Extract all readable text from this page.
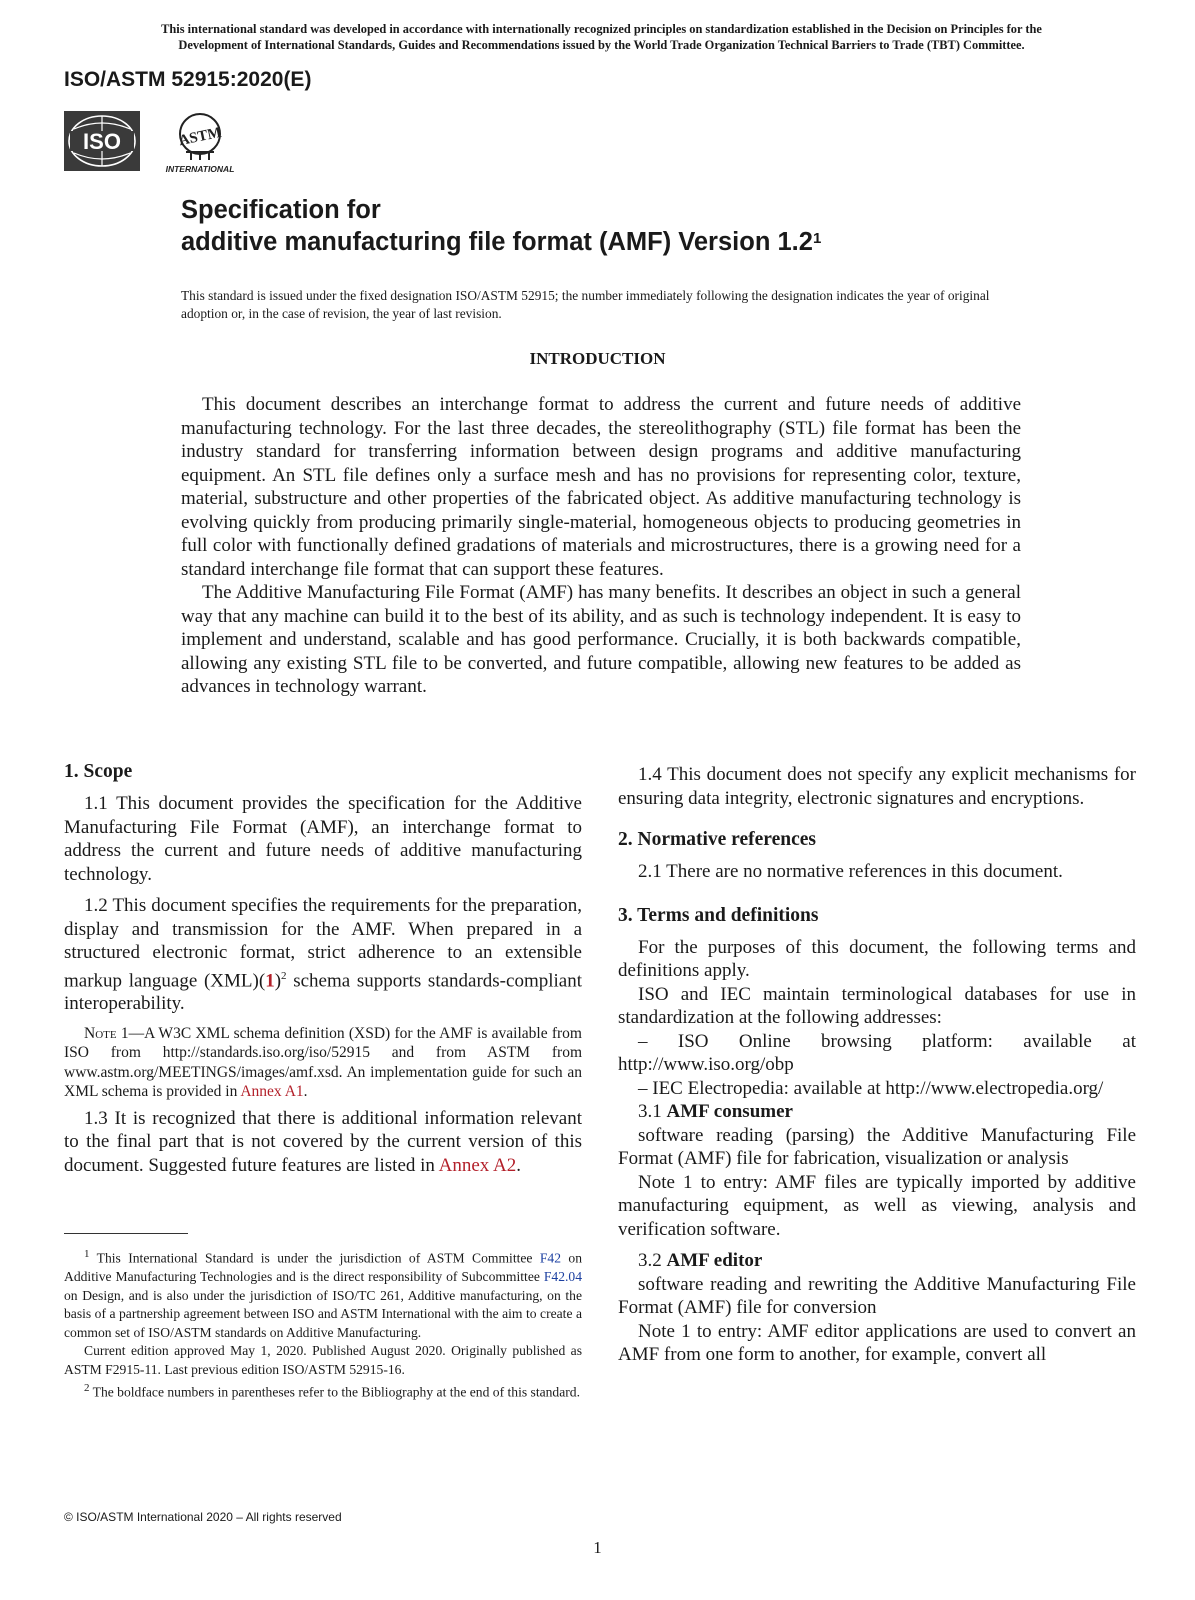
This international standard was developed in accordance with internationally recognized principles on standardization established in the Decision on Principles for the
Development of International Standards, Guides and Recommendations issued by the World Trade Organization Technical Barriers to Trade (TBT) Committee.
ISO/ASTM 52915:2020(E)
ISO	ASTM
INTERNATIONAL
Specification for
additive manufacturing file format (AMF) Version $1.2^1$
This standard is issued under the fixed designation ISO/ASTM 52915; the number immediately following the designation indicates the year of original adoption or, in the case of revision, the year of last revision.
INTRODUCTION

This document describes an interchange format to address the current and future needs of additive manufacturing technology. For the last three decades, the stereolithography (STL) file format has been the industry standard for transferring information between design programs and additive manufacturing equipment. An STL file defines only a surface mesh and has no provisions for representing color, texture, material, substructure and other properties of the fabricated object. As additive manufacturing technology is evolving quickly from producing primarily single-material, homogeneous objects to producing geometries in full color with functionally defined gradations of materials and microstructures, there is a growing need for a standard interchange file format that can support these features.

The Additive Manufacturing File Format (AMF) has many benefits. It describes an object in such a general way that any machine can build it to the best of its ability, and as such is technology independent. It is easy to implement and understand, scalable and has good performance. Crucially, it is both backwards compatible, allowing any existing STL file to be converted, and future compatible, allowing new features to be added as advances in technology warrant.

1. Scope

1.1 This document provides the specification for the Additive Manufacturing File Format (AMF), an interchange format to address the current and future needs of additive manufacturing technology.

1.2 This document specifies the requirements for the preparation, display and transmission for the AMF. When prepared in a structured electronic format, strict adherence to an extensible markup language $(XML)(1)^2$ schema supports standards-compliant interoperability.

Note 1—A W3C XML schema definition (XSD) for the AMF is available from ISO from http://standards.iso.org/iso/52915 and from ASTM from www.astm.org/MEETINGS/images/amf.xsd. An implementation guide for such an XML schema is provided in Annex A1.

1.3 It is recognized that there is additional information relevant to the final part that is not covered by the current version of this document. Suggested future features are listed in Annex A2.

$^1$ This International Standard is under the jurisdiction of ASTM Committee F42 on Additive Manufacturing Technologies and is the direct responsibility of Subcommittee F42.04 on Design, and is also under the jurisdiction of ISO/TC 261, Additive manufacturing, on the basis of a partnership agreement between ISO and ASTM International with the aim to create a common set of ISO/ASTM standards on Additive Manufacturing.

Current edition approved May 1, 2020. Published August 2020. Originally published as ASTM F2915-11. Last previous edition ISO/ASTM 52915-16.

$^2$ The boldface numbers in parentheses refer to the Bibliography at the end of this standard.

1.4 This document does not specify any explicit mechanisms for ensuring data integrity, electronic signatures and encryptions.

2. Normative references

2.1 There are no normative references in this document.

3. Terms and definitions

For the purposes of this document, the following terms and definitions apply.

ISO and IEC maintain terminological databases for use in standardization at the following addresses:

– ISO Online browsing platform: available at http://www.iso.org/obp

– IEC Electropedia: available at http://www.electropedia.org/

3.1 AMF consumer

software reading (parsing) the Additive Manufacturing File Format (AMF) file for fabrication, visualization or analysis

Note 1 to entry: AMF files are typically imported by additive manufacturing equipment, as well as viewing, analysis and verification software.

3.2 AMF editor

software reading and rewriting the Additive Manufacturing File Format (AMF) file for conversion

Note 1 to entry: AMF editor applications are used to convert an AMF from one form to another, for example, convert all

© ISO/ASTM International 2020 – All rights reserved
1
